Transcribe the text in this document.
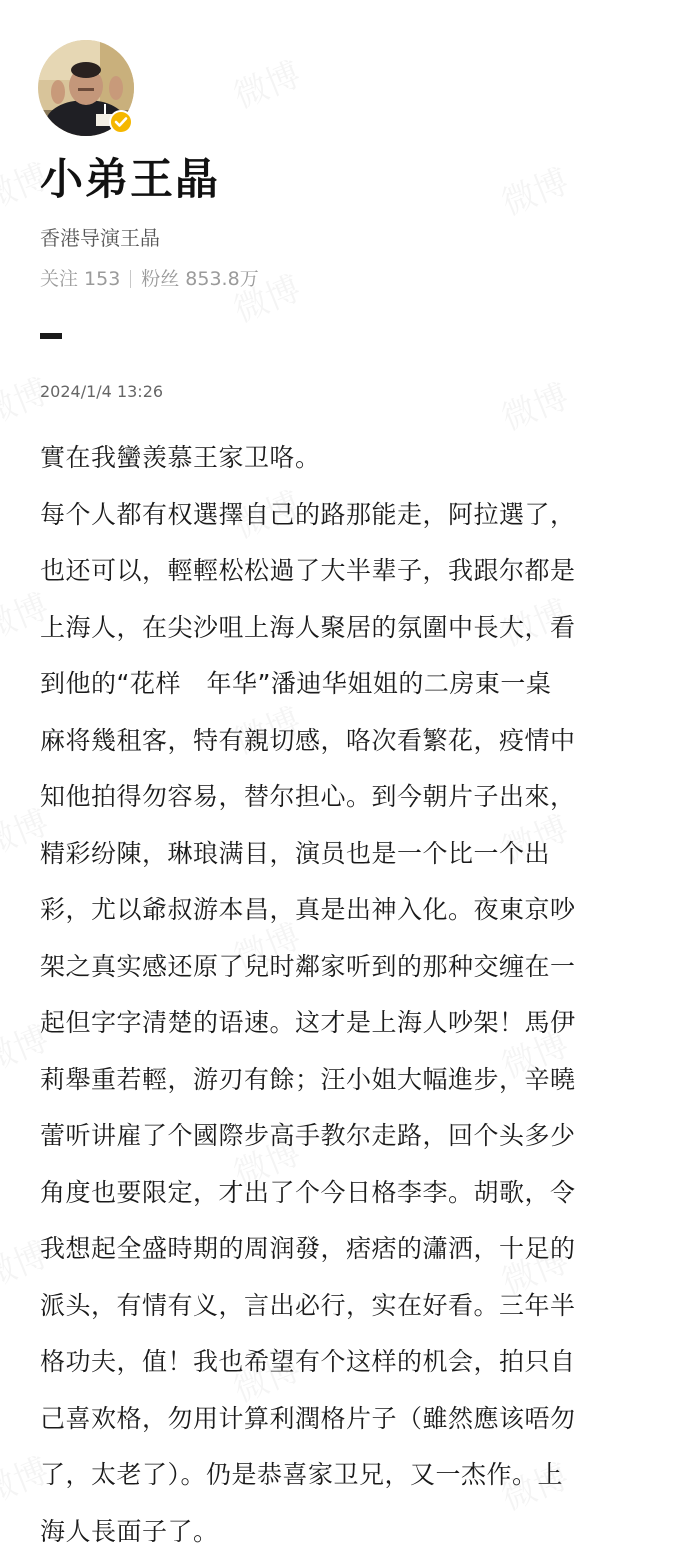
小弟王晶
香港导演王晶
关注 153 粉丝 853.8万
2024/1/4 13:26
實在我蠻羡慕王家卫咯。
每个人都有权選擇自己的路那能走，阿拉選了，
也还可以，輕輕松松過了大半辈子，我跟尔都是
上海人，在尖沙咀上海人聚居的氛圍中長大，看
到他的“花样　年华”潘迪华姐姐的二房東一桌
麻将幾租客，特有親切感，咯次看繁花，疫情中
知他拍得勿容易，替尔担心。到今朝片子出來，
精彩纷陳，琳琅满目，演员也是一个比一个出
彩，尤以爺叔游本昌，真是出神入化。夜東京吵
架之真实感还原了兒时鄰家听到的那种交缠在一
起但字字清楚的语速。这才是上海人吵架！馬伊
莉舉重若輕，游刃有餘；汪小姐大幅進步，辛曉
蕾听讲雇了个國際步高手教尔走路，回个头多少
角度也要限定，才出了个今日格李李。胡歌，令
我想起全盛時期的周润發，痞痞的瀟洒，十足的
派头，有情有义，言出必行，实在好看。三年半
格功夫，值！我也希望有个这样的机会，拍只自
己喜欢格，勿用计算利潤格片子（雖然應该唔勿
了，太老了）。仍是恭喜家卫兄，又一杰作。上
海人長面子了。
